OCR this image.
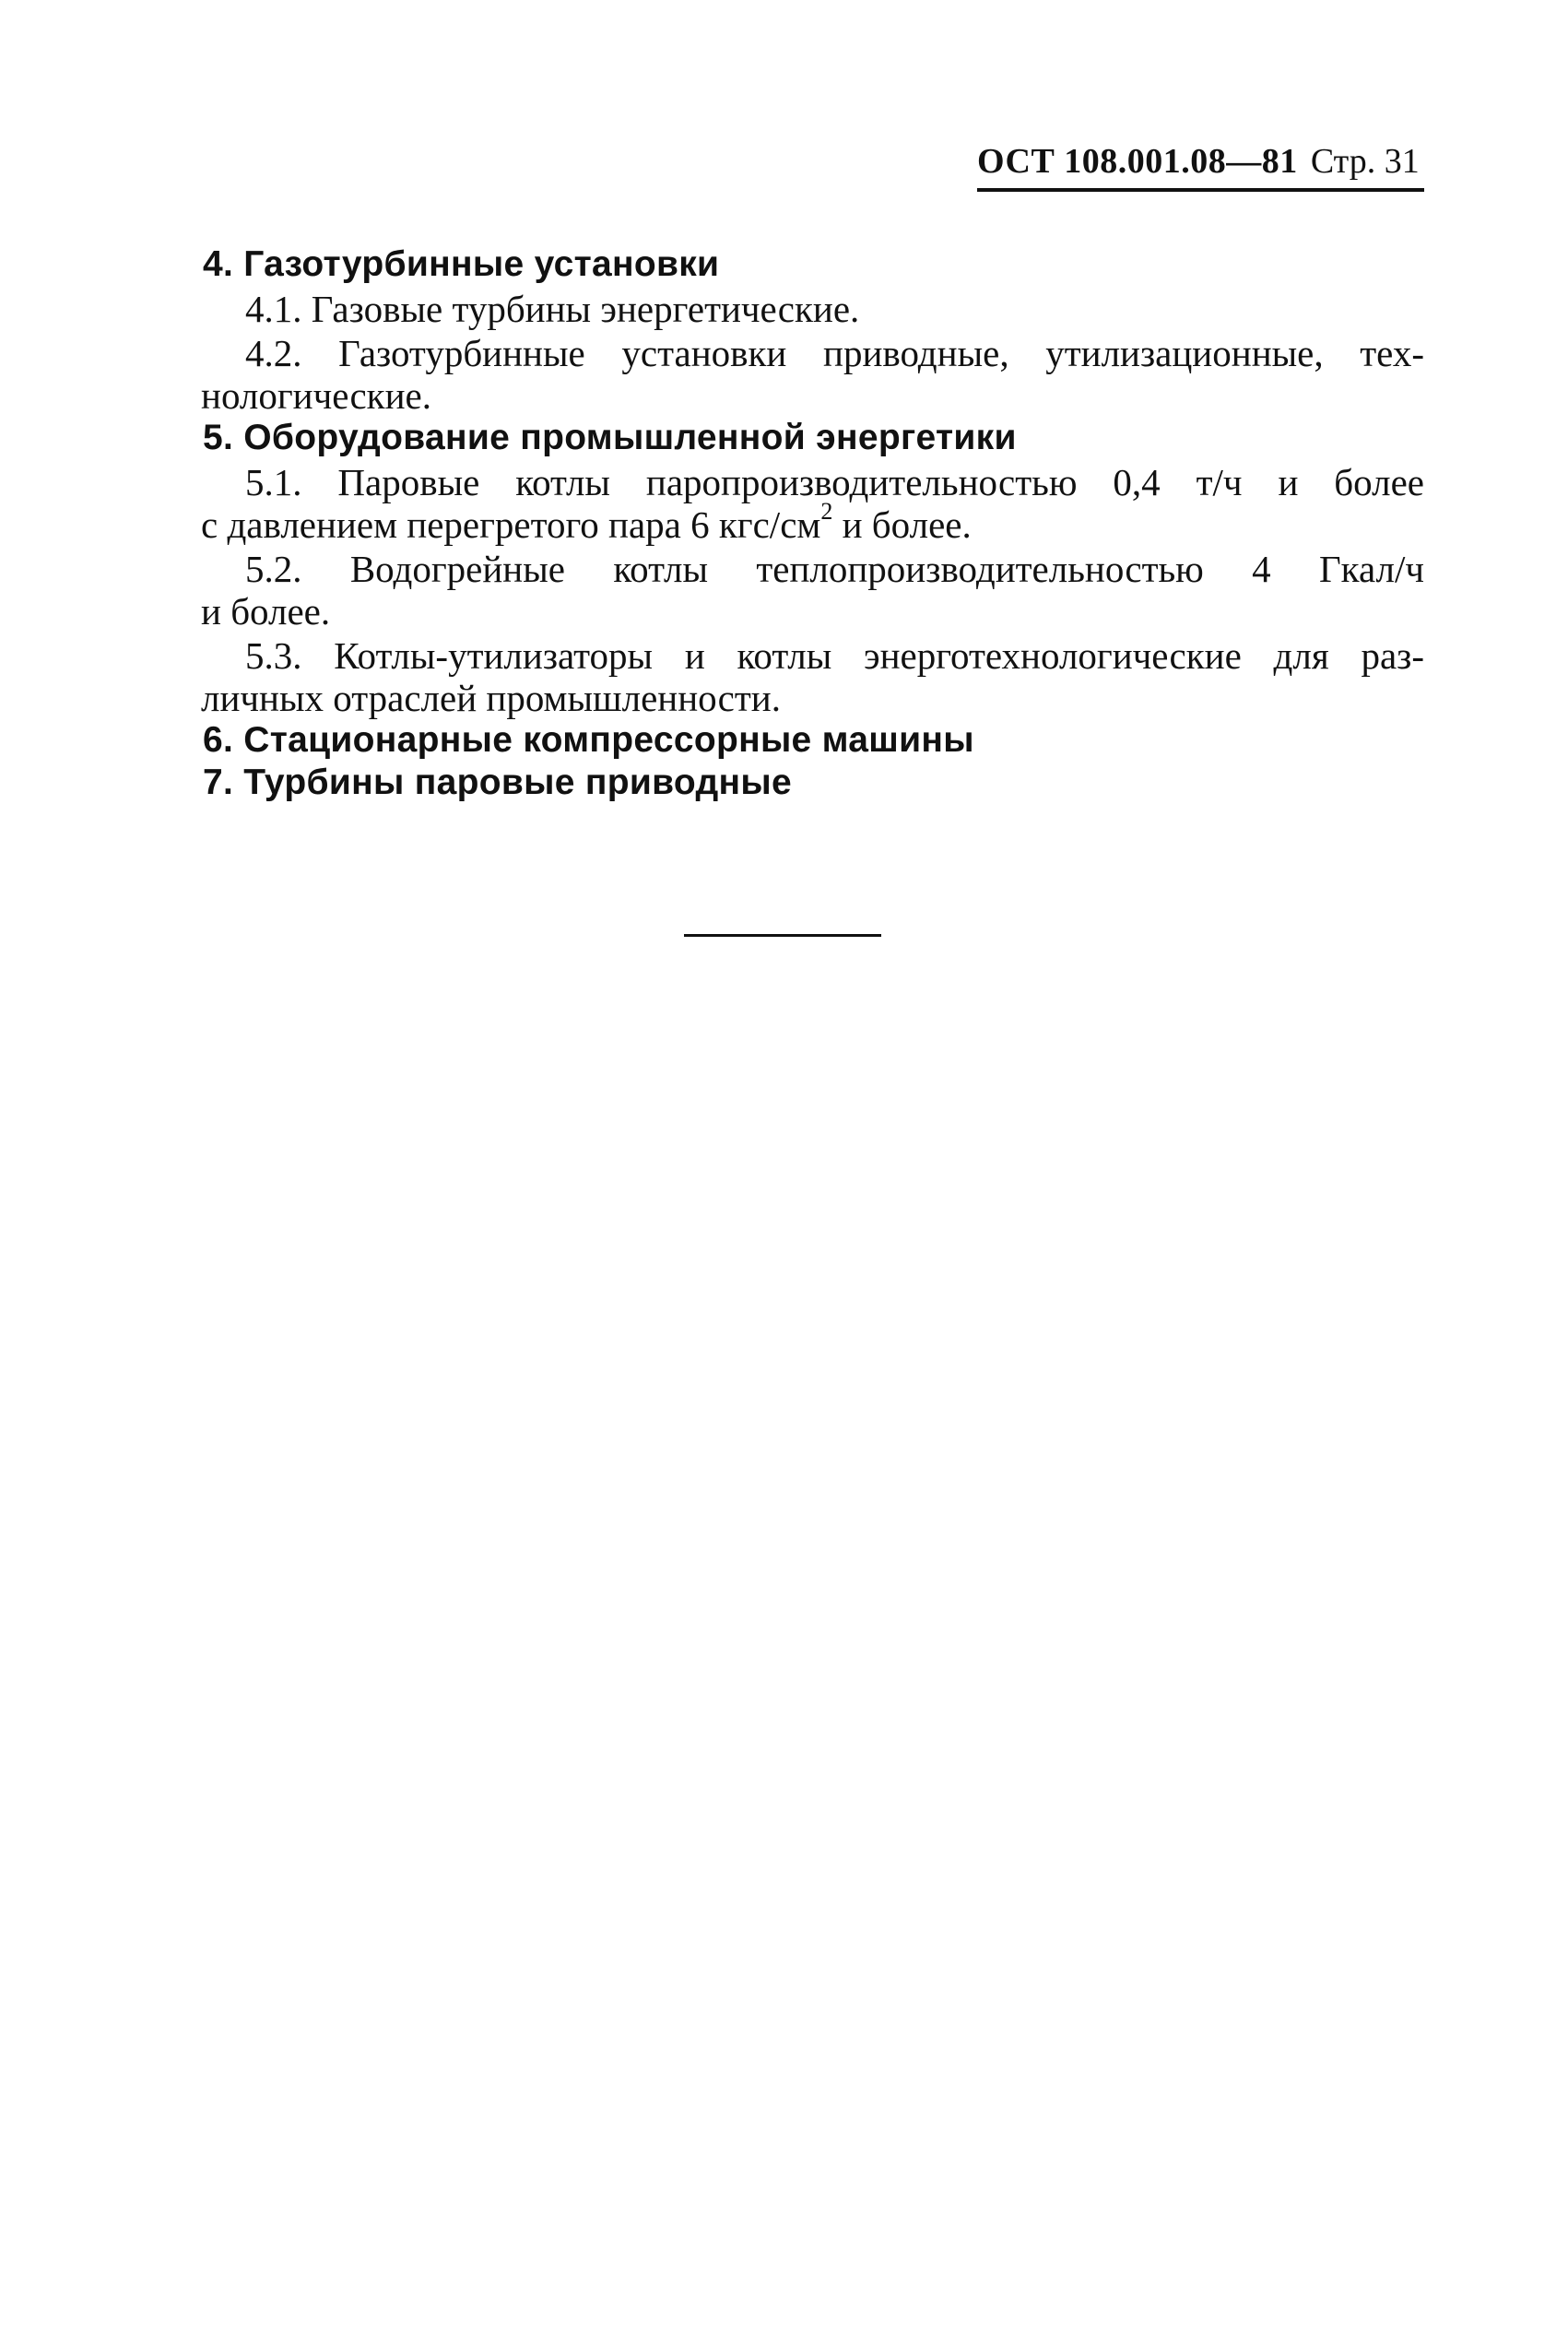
ОСТ 108.001.08—81 Стр. 31
4. Газотурбинные установки
4.1. Газовые турбины энергетические.
4.2. Газотурбинные установки приводные, утилизационные, тех-
нологические.
5. Оборудование промышленной энергетики
5.1. Паровые котлы паропроизводительностью 0,4 т/ч и более
с давлением перегретого пара 6 кгс/$см^2$ и более.
5.2. Водогрейные котлы теплопроизводительностью 4 Гкал/ч
и более.
5.3. Котлы-утилизаторы и котлы энерготехнологические для раз-
личных отраслей промышленности.
6. Стационарные компрессорные машины
7. Турбины паровые приводные
